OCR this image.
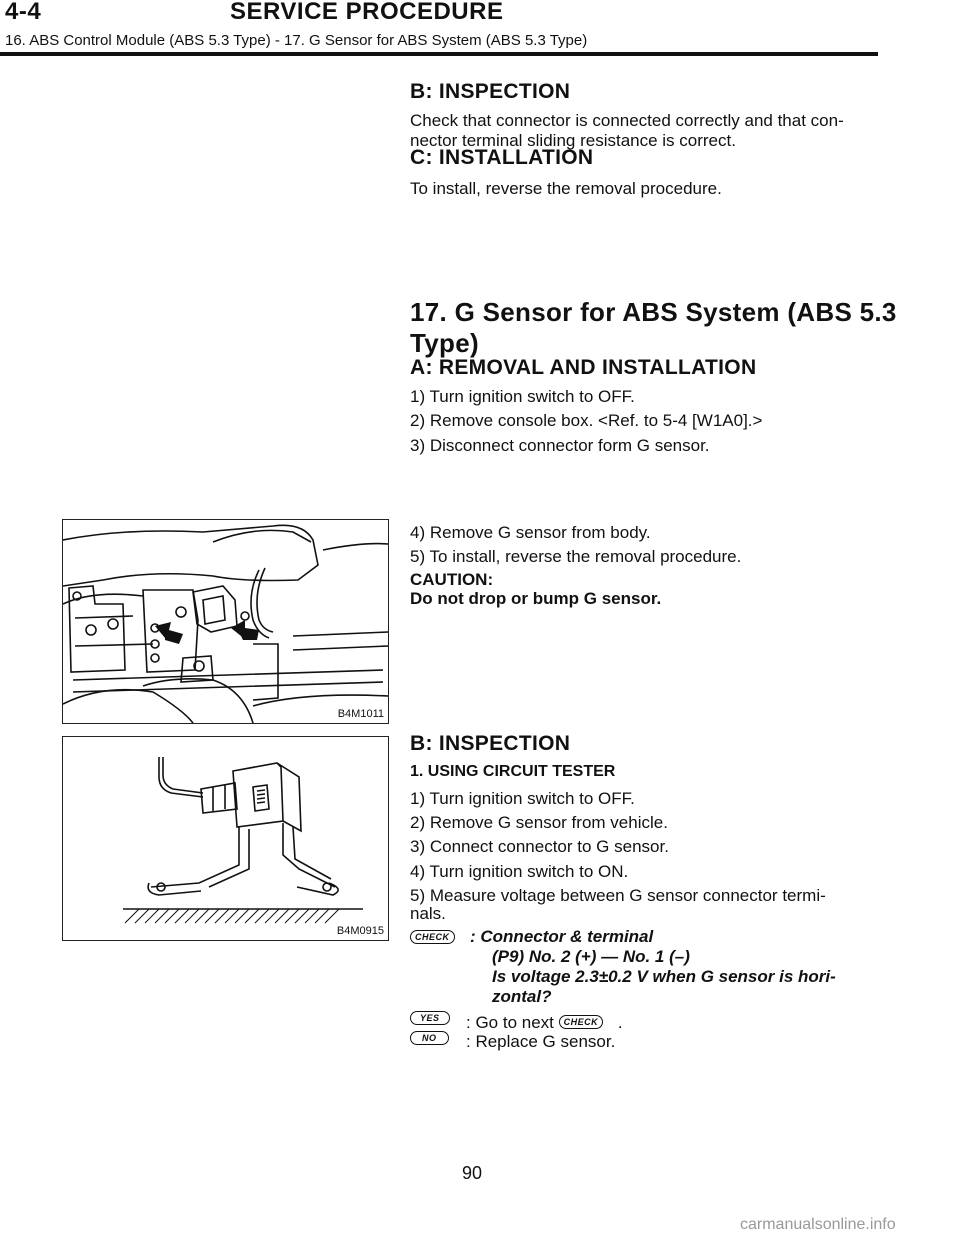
4-4	SERVICE PROCEDURE
16. ABS Control Module (ABS 5.3 Type) - 17. G Sensor for ABS System (ABS 5.3 Type)
B: INSPECTION
Check that connector is connected correctly and that con-
nector terminal sliding resistance is correct.
C: INSTALLATION
To install, reverse the removal procedure.
17. G Sensor for ABS System (ABS 5.3
Type)
A: REMOVAL AND INSTALLATION
1) Turn ignition switch to OFF.
2) Remove console box. <Ref. to 5-4 [W1A0].>
3) Disconnect connector form G sensor.
B4M1011
4) Remove G sensor from body.
5) To install, reverse the removal procedure.
CAUTION:
Do not drop or bump G sensor.
B4M0915
B: INSPECTION
1. USING CIRCUIT TESTER
1) Turn ignition switch to OFF.
2) Remove G sensor from vehicle.
3) Connect connector to G sensor.
4) Turn ignition switch to ON.
5) Measure voltage between G sensor connector termi-
nals.
CHECK : Connector & terminal
(P9) No. 2 (+) — No. 1 (–)
Is voltage 2.3±0.2 V when G sensor is hori-
zontal?
YES	: Go to next CHECK .
NO	: Replace G sensor.
90
carmanualsonline.info
